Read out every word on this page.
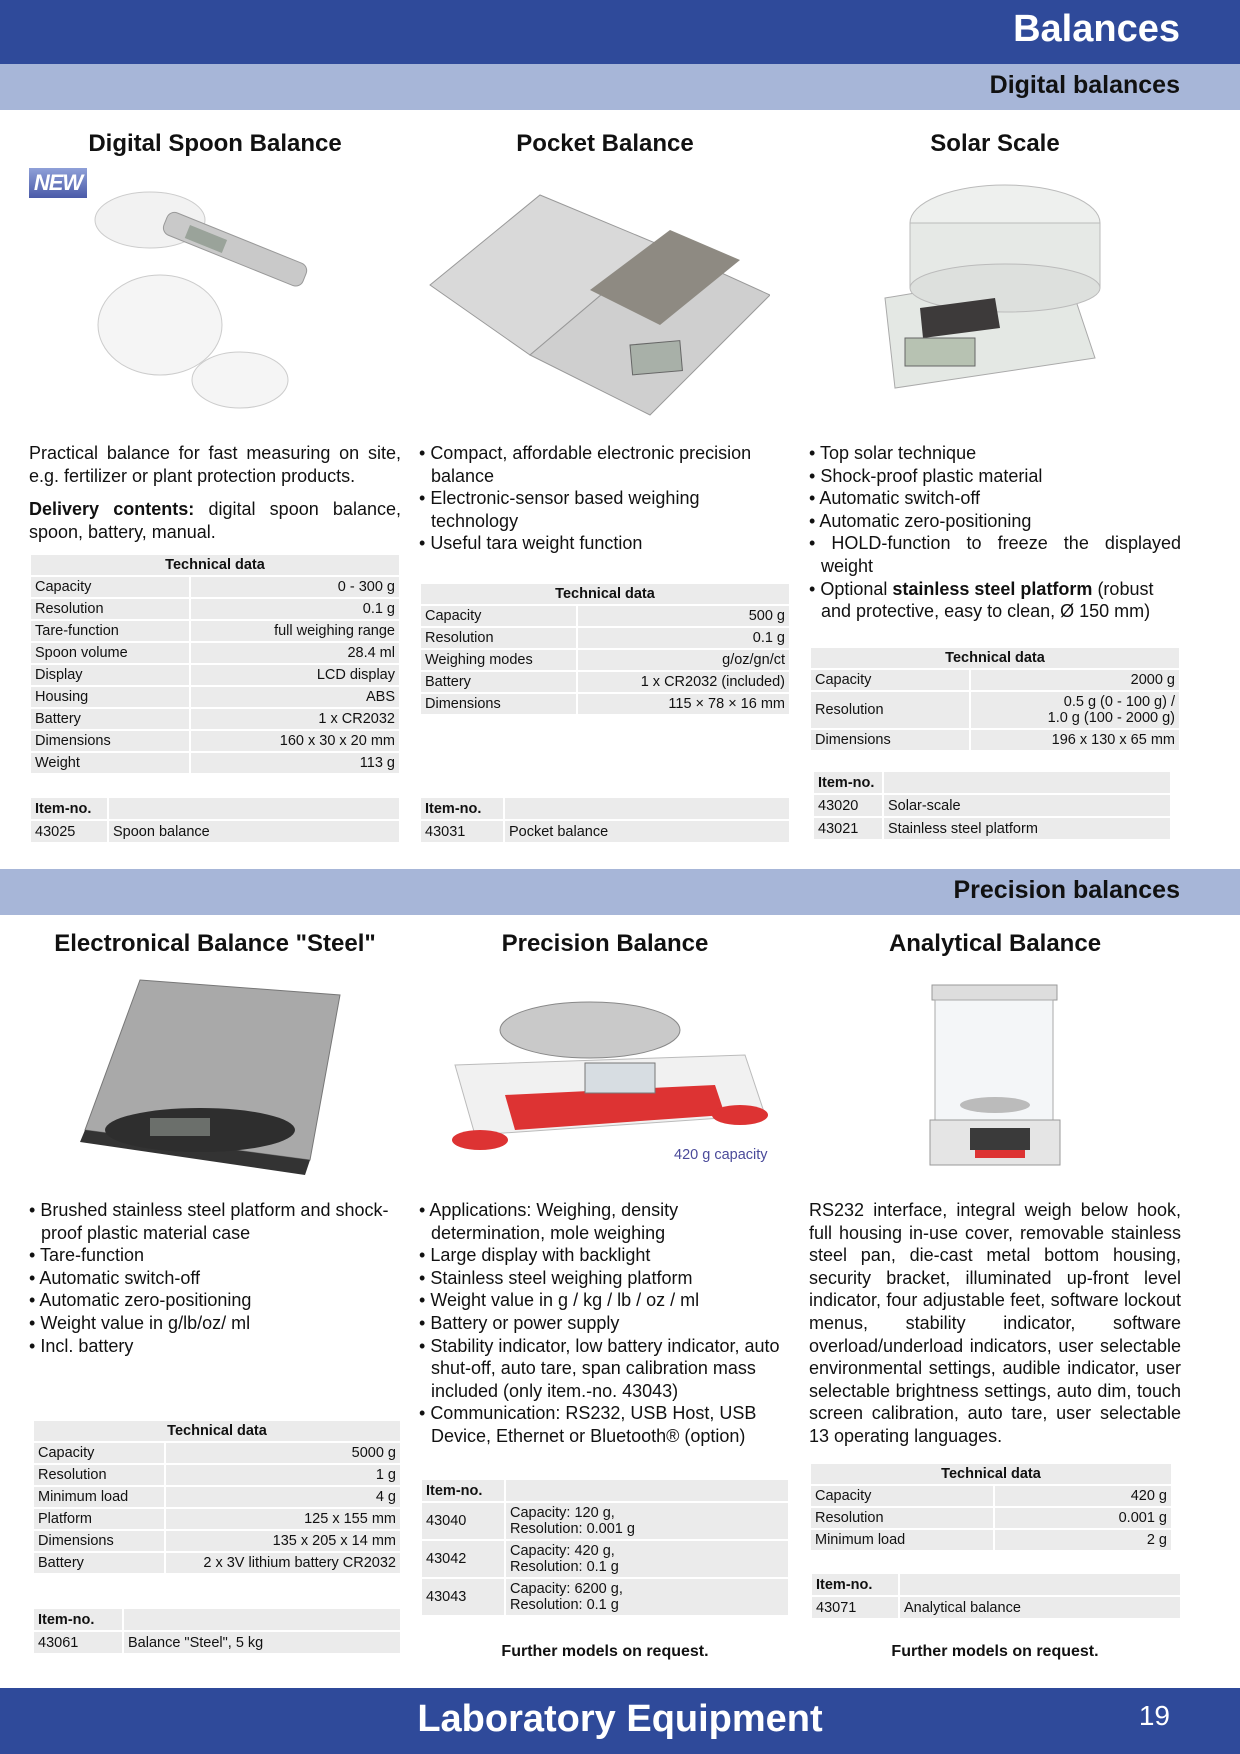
Balances
Digital balances
Digital Spoon Balance
NEW
Practical balance for fast measuring on site, e.g. fertilizer or plant protection products.
Delivery contents: digital spoon balance, spoon, battery, manual.
Technical data	
Capacity	0 - 300 g
Resolution	0.1 g
Tare-function	full weighing range
Spoon volume	28.4 ml
Display	LCD display
Housing	ABS
Battery	1 x CR2032
Dimensions	160 x 30 x 20 mm
Weight	113 g
Item-no.	
43025	Spoon balance
Pocket Balance
• Compact, affordable electronic precision balance
• Electronic-sensor based weighing technology
• Useful tara weight function
Technical data	
Capacity	500 g
Resolution	0.1 g
Weighing modes	g/oz/gn/ct
Battery	1 x CR2032 (included)
Dimensions	115 × 78 × 16 mm
Item-no.	
43031	Pocket balance
Solar Scale
• Top solar technique
• Shock-proof plastic material
• Automatic switch-off
• Automatic zero-positioning
• HOLD-function to freeze the displayed weight
• Optional stainless steel platform (robust and protective, easy to clean, Ø 150 mm)
Technical data	
Capacity	2000 g
Resolution	0.5 g (0 - 100 g) /
1.0 g (100 - 2000 g)

Dimensions	196 x 130 x 65 mm
Item-no.	
43020	Solar-scale
43021	Stainless steel platform
Precision balances
Electronical Balance "Steel"
• Brushed stainless steel platform and shock-proof plastic material case
• Tare-function
• Automatic switch-off
• Automatic zero-positioning
• Weight value in g/lb/oz/ ml
• Incl. battery
Technical data	
Capacity	5000 g
Resolution	1 g
Minimum load	4 g
Platform	125 x 155 mm
Dimensions	135 x 205 x 14 mm
Battery	2 x 3V lithium battery CR2032
Item-no.	
43061	Balance "Steel", 5 kg
Precision Balance
420 g capacity
• Applications: Weighing, density determination, mole weighing
• Large display with backlight
• Stainless steel weighing platform
• Weight value in g / kg / lb / oz / ml
• Battery or power supply
• Stability indicator, low battery indicator, auto shut-off, auto tare, span calibration mass included (only item.-no. 43043)
• Communication: RS232, USB Host, USB Device, Ethernet or Bluetooth® (option)
Item-no.	
43040	Capacity: 120 g,
Resolution: 0.001 g

43042	Capacity: 420 g,
Resolution: 0.1 g

43043	Capacity: 6200 g,
Resolution: 0.1 g
Further models on request.
Analytical Balance
RS232 interface, integral weigh below hook, full housing in-use cover, removable stainless steel pan, die-cast metal bottom housing, security bracket, illuminated up-front level indicator, four adjustable feet, software lockout menus, stability indicator, software overload/underload indicators, user selectable environmental settings, audible indicator, user selectable brightness settings, auto dim, touch screen calibration, auto tare, user selectable 13 operating languages.
Technical data	
Capacity	420 g
Resolution	0.001 g
Minimum load	2 g
Item-no.	
43071	Analytical balance
Further models on request.
Laboratory Equipment	19
